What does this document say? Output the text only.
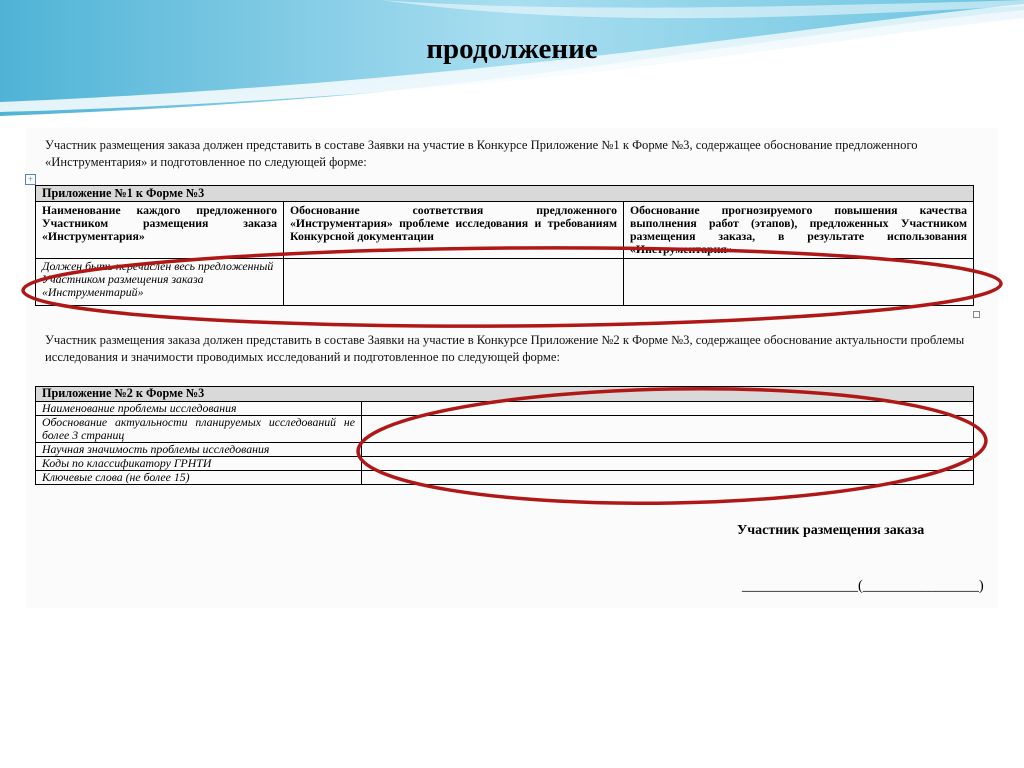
продолжение
Участник размещения заказа должен представить в составе Заявки на участие в Конкурсе Приложение №1 к Форме №3, содержащее обоснование предложенного «Инструментария» и подготовленное по следующей форме:
+
Приложение №1 к Форме №3		
Наименование каждого предложенного Участником размещения заказа «Инструментария»	Обоснование соответствия предложенного «Инструментария» проблеме исследования и требованиям Конкурсной документации	Обоснование прогнозируемого повышения качества выполнения работ (этапов), предложенных Участником размещения заказа, в результате использования «Инструментария»
Должен быть перечислен весь предложенный Участником размещения заказа «Инструментарий»		
Участник размещения заказа должен представить в составе Заявки на участие в Конкурсе Приложение №2 к Форме №3, содержащее обоснование актуальности проблемы исследования и значимости проводимых исследований и подготовленное по следующей форме:
Приложение №2 к Форме №3	
Наименование проблемы исследования	
Обоснование актуальности планируемых исследований не более 3 страниц	
Научная значимость проблемы исследования	
Коды по классификатору ГРНТИ	
Ключевые слова (не более 15)	
Участник размещения заказа
________________(________________)
